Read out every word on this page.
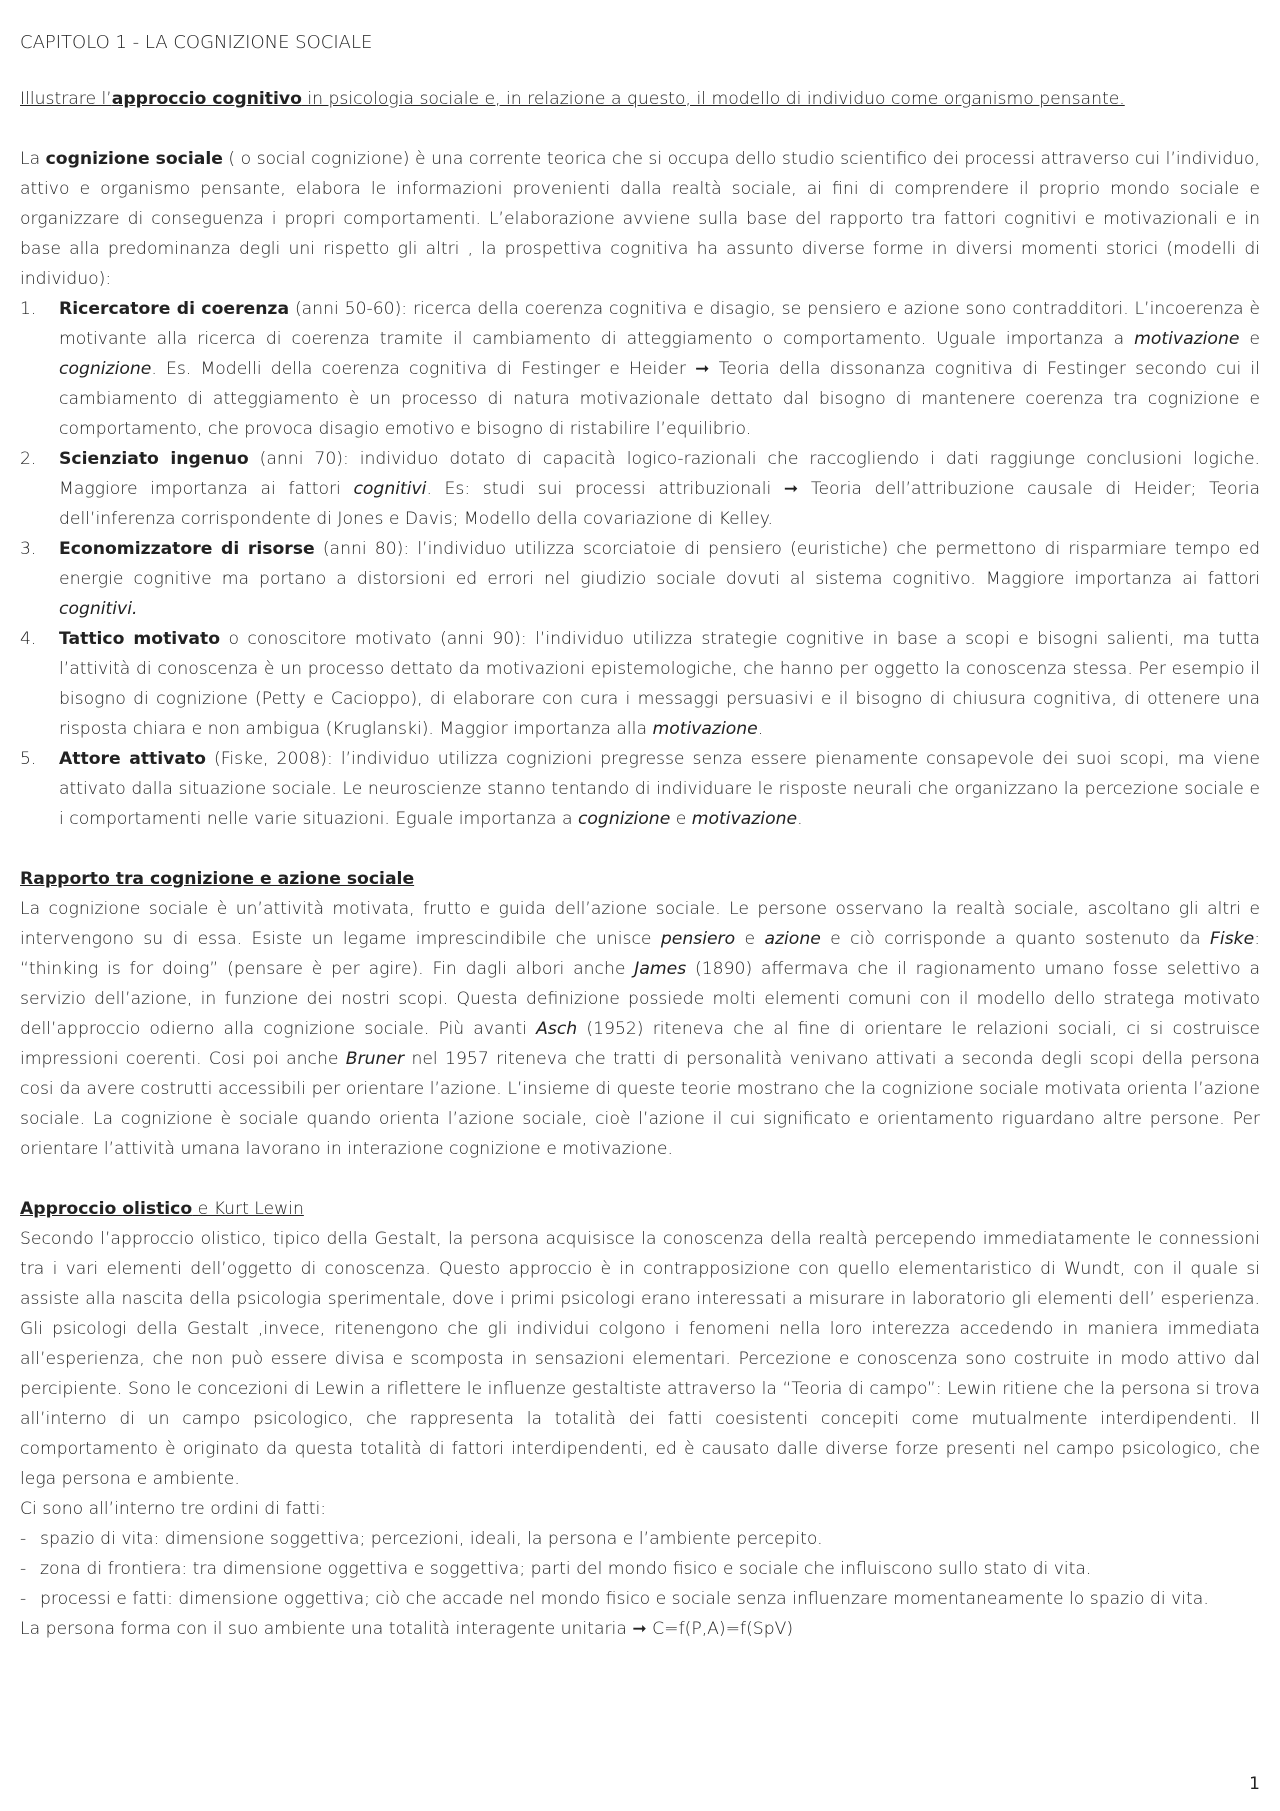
CAPITOLO 1 - LA COGNIZIONE SOCIALE

Illustrare l’approccio cognitivo in psicologia sociale e, in relazione a questo, il modello di individuo come organismo pensante.

La cognizione sociale ( o social cognizione) è una corrente teorica che si occupa dello studio scientifico dei processi attraverso cui l’individuo, attivo e organismo pensante, elabora le informazioni provenienti dalla realtà sociale, ai fini di comprendere il proprio mondo sociale e organizzare di conseguenza i propri comportamenti. L’elaborazione avviene sulla base del rapporto tra fattori cognitivi e motivazionali e in base alla predominanza degli uni rispetto gli altri , la prospettiva cognitiva ha assunto diverse forme in diversi momenti storici (modelli di individuo):

1. Ricercatore di coerenza (anni 50-60): ricerca della coerenza cognitiva e disagio, se pensiero e azione sono contradditori. L’incoerenza è motivante alla ricerca di coerenza tramite il cambiamento di atteggiamento o comportamento. Uguale importanza a motivazione e cognizione. Es. Modelli della coerenza cognitiva di Festinger e Heider ➞ Teoria della dissonanza cognitiva di Festinger secondo cui il cambiamento di atteggiamento è un processo di natura motivazionale dettato dal bisogno di mantenere coerenza tra cognizione e comportamento, che provoca disagio emotivo e bisogno di ristabilire l’equilibrio.
2. Scienziato ingenuo (anni 70): individuo dotato di capacità logico-razionali che raccogliendo i dati raggiunge conclusioni logiche. Maggiore importanza ai fattori cognitivi. Es: studi sui processi attribuzionali ➞ Teoria dell’attribuzione causale di Heider; Teoria dell’inferenza corrispondente di Jones e Davis; Modello della covariazione di Kelley.
3. Economizzatore di risorse (anni 80): l’individuo utilizza scorciatoie di pensiero (euristiche) che permettono di risparmiare tempo ed energie cognitive ma portano a distorsioni ed errori nel giudizio sociale dovuti al sistema cognitivo. Maggiore importanza ai fattori cognitivi.
4. Tattico motivato o conoscitore motivato (anni 90): l’individuo utilizza strategie cognitive in base a scopi e bisogni salienti, ma tutta l’attività di conoscenza è un processo dettato da motivazioni epistemologiche, che hanno per oggetto la conoscenza stessa. Per esempio il bisogno di cognizione (Petty e Cacioppo), di elaborare con cura i messaggi persuasivi e il bisogno di chiusura cognitiva, di ottenere una risposta chiara e non ambigua (Kruglanski). Maggior importanza alla motivazione.
5. Attore attivato (Fiske, 2008): l’individuo utilizza cognizioni pregresse senza essere pienamente consapevole dei suoi scopi, ma viene attivato dalla situazione sociale. Le neuroscienze stanno tentando di individuare le risposte neurali che organizzano la percezione sociale e i comportamenti nelle varie situazioni. Eguale importanza a cognizione e motivazione.

Rapporto tra cognizione e azione sociale

La cognizione sociale è un’attività motivata, frutto e guida dell’azione sociale. Le persone osservano la realtà sociale, ascoltano gli altri e intervengono su di essa. Esiste un legame imprescindibile che unisce pensiero e azione e ciò corrisponde a quanto sostenuto da Fiske: “thinking is for doing” (pensare è per agire). Fin dagli albori anche James (1890) affermava che il ragionamento umano fosse selettivo a servizio dell’azione, in funzione dei nostri scopi. Questa definizione possiede molti elementi comuni con il modello dello stratega motivato dell’approccio odierno alla cognizione sociale. Più avanti Asch (1952) riteneva che al fine di orientare le relazioni sociali, ci si costruisce impressioni coerenti. Cosi poi anche Bruner nel 1957 riteneva che tratti di personalità venivano attivati a seconda degli scopi della persona cosi da avere costrutti accessibili per orientare l’azione. L’insieme di queste teorie mostrano che la cognizione sociale motivata orienta l’azione sociale. La cognizione è sociale quando orienta l’azione sociale, cioè l’azione il cui significato e orientamento riguardano altre persone. Per orientare l’attività umana lavorano in interazione cognizione e motivazione.

Approccio olistico e Kurt Lewin

Secondo l’approccio olistico, tipico della Gestalt, la persona acquisisce la conoscenza della realtà percependo immediatamente le connessioni tra i vari elementi dell’oggetto di conoscenza. Questo approccio è in contrapposizione con quello elementaristico di Wundt, con il quale si assiste alla nascita della psicologia sperimentale, dove i primi psicologi erano interessati a misurare in laboratorio gli elementi dell’ esperienza. Gli psicologi della Gestalt ,invece, ritenengono che gli individui colgono i fenomeni nella loro interezza accedendo in maniera immediata all’esperienza, che non può essere divisa e scomposta in sensazioni elementari. Percezione e conoscenza sono costruite in modo attivo dal percipiente. Sono le concezioni di Lewin a riflettere le influenze gestaltiste attraverso la “Teoria di campo”: Lewin ritiene che la persona si trova all’interno di un campo psicologico, che rappresenta la totalità dei fatti coesistenti concepiti come mutualmente interdipendenti. Il comportamento è originato da questa totalità di fattori interdipendenti, ed è causato dalle diverse forze presenti nel campo psicologico, che lega persona e ambiente.

Ci sono all’interno tre ordini di fatti:

- spazio di vita: dimensione soggettiva; percezioni, ideali, la persona e l’ambiente percepito.
- zona di frontiera: tra dimensione oggettiva e soggettiva; parti del mondo fisico e sociale che influiscono sullo stato di vita.
- processi e fatti: dimensione oggettiva; ciò che accade nel mondo fisico e sociale senza influenzare momentaneamente lo spazio di vita.

La persona forma con il suo ambiente una totalità interagente unitaria ➞ C=f(P,A)=f(SpV)

1
